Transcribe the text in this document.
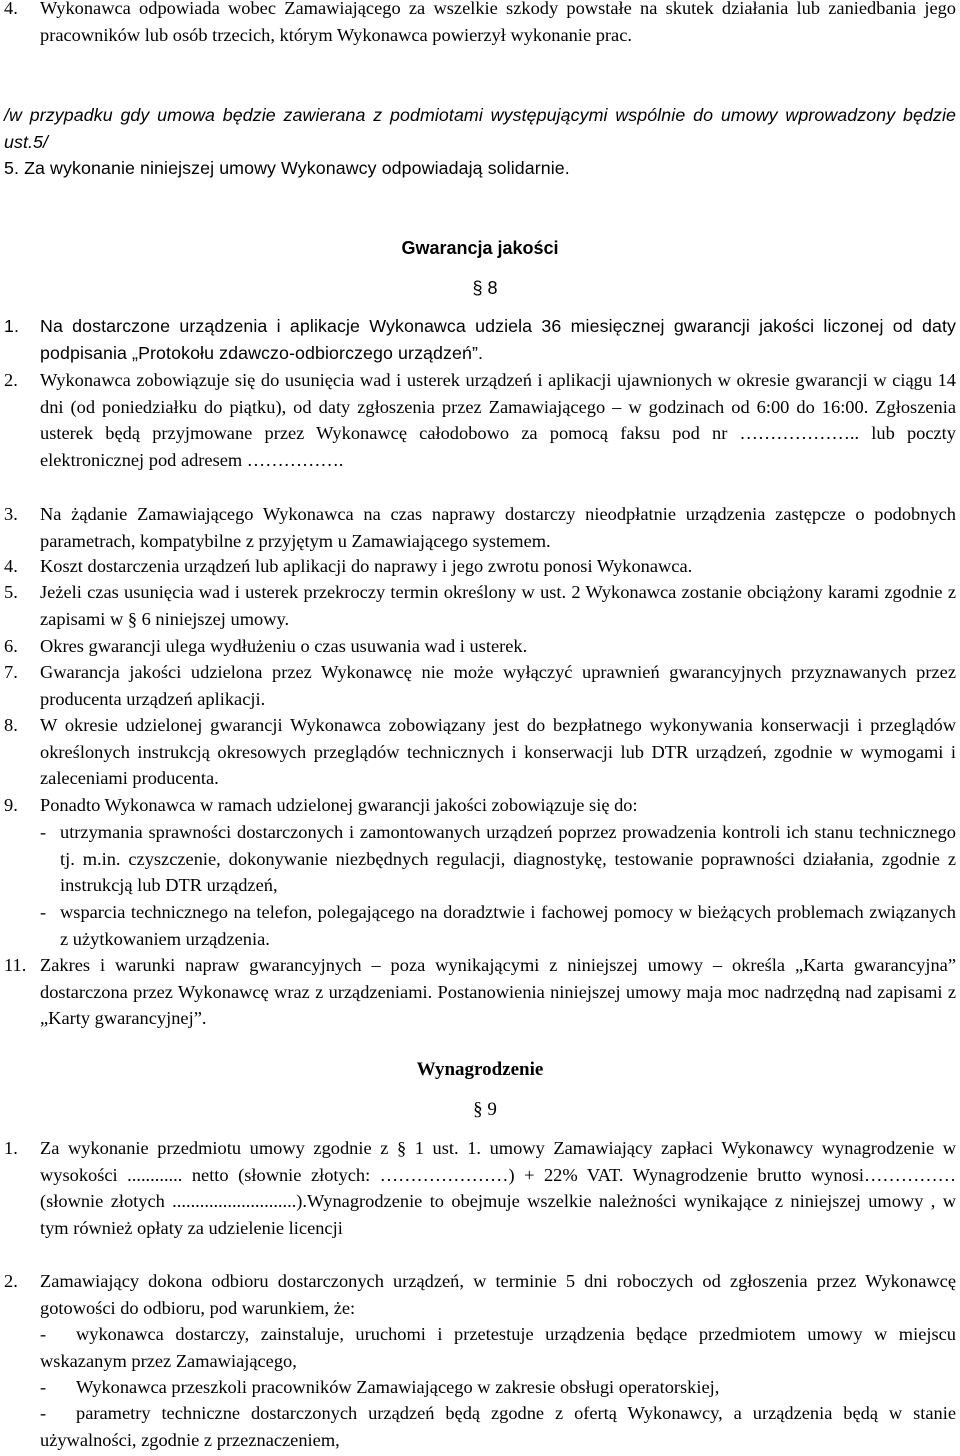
4. Wykonawca odpowiada wobec Zamawiającego za wszelkie szkody powstałe na skutek działania lub zaniedbania jego pracowników lub osób trzecich, którym Wykonawca powierzył wykonanie prac.
/w przypadku gdy umowa będzie zawierana z podmiotami występującymi wspólnie do umowy wprowadzony będzie ust.5/
5. Za wykonanie niniejszej umowy Wykonawcy odpowiadają solidarnie.
Gwarancja jakości
§ 8
1. Na dostarczone urządzenia i aplikacje Wykonawca udziela 36 miesięcznej gwarancji jakości liczonej od daty podpisania „Protokołu zdawczo-odbiorczego urządzeń”.
2. Wykonawca zobowiązuje się do usunięcia wad i usterek urządzeń i aplikacji ujawnionych w okresie gwarancji w ciągu 14 dni (od poniedziałku do piątku), od daty zgłoszenia przez Zamawiającego – w godzinach od 6:00 do 16:00. Zgłoszenia usterek będą przyjmowane przez Wykonawcę całodobowo za pomocą faksu pod nr ……………….. lub poczty elektronicznej pod adresem …………….
3. Na żądanie Zamawiającego Wykonawca na czas naprawy dostarczy nieodpłatnie urządzenia zastępcze o podobnych parametrach, kompatybilne z przyjętym u Zamawiającego systemem.
4. Koszt dostarczenia urządzeń lub aplikacji do naprawy i jego zwrotu ponosi Wykonawca.
5. Jeżeli czas usunięcia wad i usterek przekroczy termin określony w ust. 2 Wykonawca zostanie obciążony karami zgodnie z zapisami w § 6 niniejszej umowy.
6. Okres gwarancji ulega wydłużeniu o czas usuwania wad i usterek.
7. Gwarancja jakości udzielona przez Wykonawcę nie może wyłączyć uprawnień gwarancyjnych przyznawanych przez producenta urządzeń aplikacji.
8. W okresie udzielonej gwarancji Wykonawca zobowiązany jest do bezpłatnego wykonywania konserwacji i przeglądów określonych instrukcją okresowych przeglądów technicznych i konserwacji lub DTR urządzeń, zgodnie w wymogami i zaleceniami producenta.
9. Ponadto Wykonawca w ramach udzielonej gwarancji jakości zobowiązuje się do:
- utrzymania sprawności dostarczonych i zamontowanych urządzeń poprzez prowadzenia kontroli ich stanu technicznego tj. m.in. czyszczenie, dokonywanie niezbędnych regulacji, diagnostykę, testowanie poprawności działania, zgodnie z instrukcją lub DTR urządzeń,
- wsparcia technicznego na telefon, polegającego na doradztwie i fachowej pomocy w bieżących problemach związanych z użytkowaniem urządzenia.
11. Zakres i warunki napraw gwarancyjnych – poza wynikającymi z niniejszej umowy – określa „Karta gwarancyjna” dostarczona przez Wykonawcę wraz z urządzeniami. Postanowienia niniejszej umowy maja moc nadrzędną nad zapisami z „Karty gwarancyjnej”.
Wynagrodzenie
§ 9
1. Za wykonanie przedmiotu umowy zgodnie z § 1 ust. 1. umowy Zamawiający zapłaci Wykonawcy wynagrodzenie w wysokości ............ netto (słownie złotych: …………………) + 22% VAT. Wynagrodzenie brutto wynosi……………(słownie złotych ...........................).Wynagrodzenie to obejmuje wszelkie należności wynikające z niniejszej umowy , w tym również opłaty za udzielenie licencji
2. Zamawiający dokona odbioru dostarczonych urządzeń, w terminie 5 dni roboczych od zgłoszenia przez Wykonawcę gotowości do odbioru, pod warunkiem, że:
-	wykonawca dostarczy, zainstaluje, uruchomi i przetestuje urządzenia będące przedmiotem umowy w miejscu wskazanym przez Zamawiającego,
-	Wykonawca przeszkoli pracowników Zamawiającego w zakresie obsługi operatorskiej,
-	parametry techniczne dostarczonych urządzeń będą zgodne z ofertą Wykonawcy, a urządzenia będą w stanie używalności, zgodnie z przeznaczeniem,
